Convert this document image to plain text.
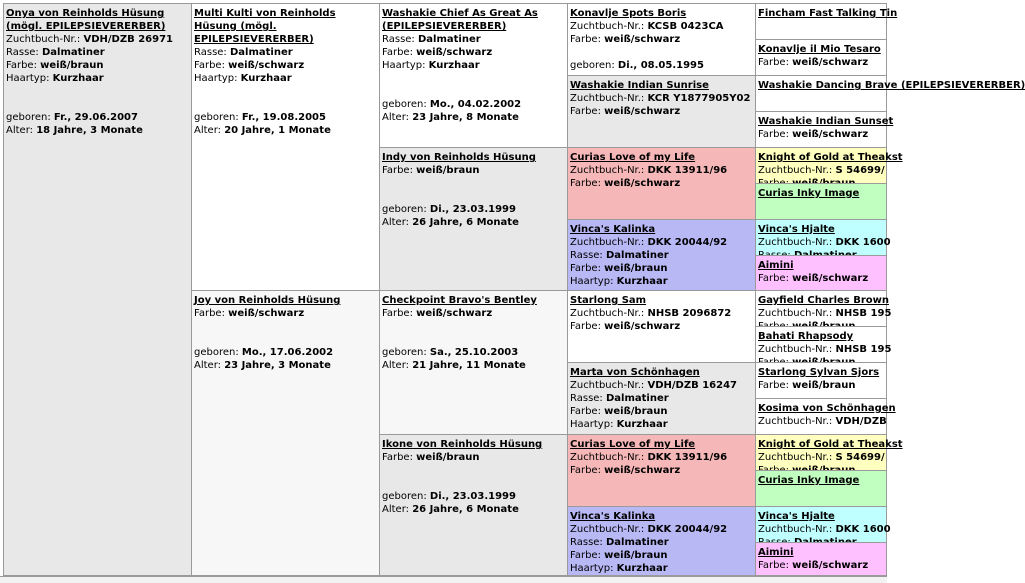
Onya von Reinholds Hüsung (mögl. EPILEPSIEVERERBER)
Zuchtbuch-Nr.: VDH/DZB 26971
Rasse: Dalmatiner
Farbe: weiß/braun
Haartyp: Kurzhaar
geboren: Fr., 29.06.2007
Alter: 18 Jahre, 3 Monate
Multi Kulti von Reinholds Hüsung (mögl. EPILEPSIEVERERBER)
Rasse: Dalmatiner
Farbe: weiß/schwarz
Haartyp: Kurzhaar
geboren: Fr., 19.08.2005
Alter: 20 Jahre, 1 Monate
Joy von Reinholds Hüsung
Farbe: weiß/schwarz
geboren: Mo., 17.06.2002
Alter: 23 Jahre, 3 Monate
Washakie Chief As Great As (EPILEPSIEVERERBER)
Rasse: Dalmatiner
Farbe: weiß/schwarz
Haartyp: Kurzhaar
geboren: Mo., 04.02.2002
Alter: 23 Jahre, 8 Monate
Indy von Reinholds Hüsung
Farbe: weiß/braun
geboren: Di., 23.03.1999
Alter: 26 Jahre, 6 Monate
Checkpoint Bravo's Bentley
Farbe: weiß/schwarz
geboren: Sa., 25.10.2003
Alter: 21 Jahre, 11 Monate
Ikone von Reinholds Hüsung
Farbe: weiß/braun
geboren: Di., 23.03.1999
Alter: 26 Jahre, 6 Monate
Konavlje Spots Boris
Zuchtbuch-Nr.: KCSB 0423CA
Farbe: weiß/schwarz
geboren: Di., 08.05.1995
Washakie Indian Sunrise
Zuchtbuch-Nr.: KCR Y1877905Y02
Farbe: weiß/schwarz
Curias Love of my Life
Zuchtbuch-Nr.: DKK 13911/96
Farbe: weiß/schwarz
Vinca's Kalinka
Zuchtbuch-Nr.: DKK 20044/92
Rasse: Dalmatiner
Farbe: weiß/braun
Haartyp: Kurzhaar
Starlong Sam
Zuchtbuch-Nr.: NHSB 2096872
Farbe: weiß/schwarz
Marta von Schönhagen
Zuchtbuch-Nr.: VDH/DZB 16247
Rasse: Dalmatiner
Farbe: weiß/braun
Haartyp: Kurzhaar
Curias Love of my Life
Zuchtbuch-Nr.: DKK 13911/96
Farbe: weiß/schwarz
Vinca's Kalinka
Zuchtbuch-Nr.: DKK 20044/92
Rasse: Dalmatiner
Farbe: weiß/braun
Haartyp: Kurzhaar
Fincham Fast Talking Tin
Konavlje il Mio Tesaro
Farbe: weiß/schwarz
Washakie Dancing Brave (EPILEPSIEVERERBER)
Washakie Indian Sunset
Farbe: weiß/schwarz
Knight of Gold at Theakst
Zuchtbuch-Nr.: S 54699/
Curias Inky Image
Vinca's Hjalte
Zuchtbuch-Nr.: DKK 1600
Aimini
Farbe: weiß/schwarz
Gayfield Charles Brown
Zuchtbuch-Nr.: NHSB 195
Bahati Rhapsody
Zuchtbuch-Nr.: NHSB 195
Starlong Sylvan Sjors
Farbe: weiß/braun
Kosima von Schönhagen
Zuchtbuch-Nr.: VDH/DZB
Knight of Gold at Theakst
Zuchtbuch-Nr.: S 54699/
Curias Inky Image
Vinca's Hjalte
Zuchtbuch-Nr.: DKK 1600
Aimini
Farbe: weiß/schwarz
